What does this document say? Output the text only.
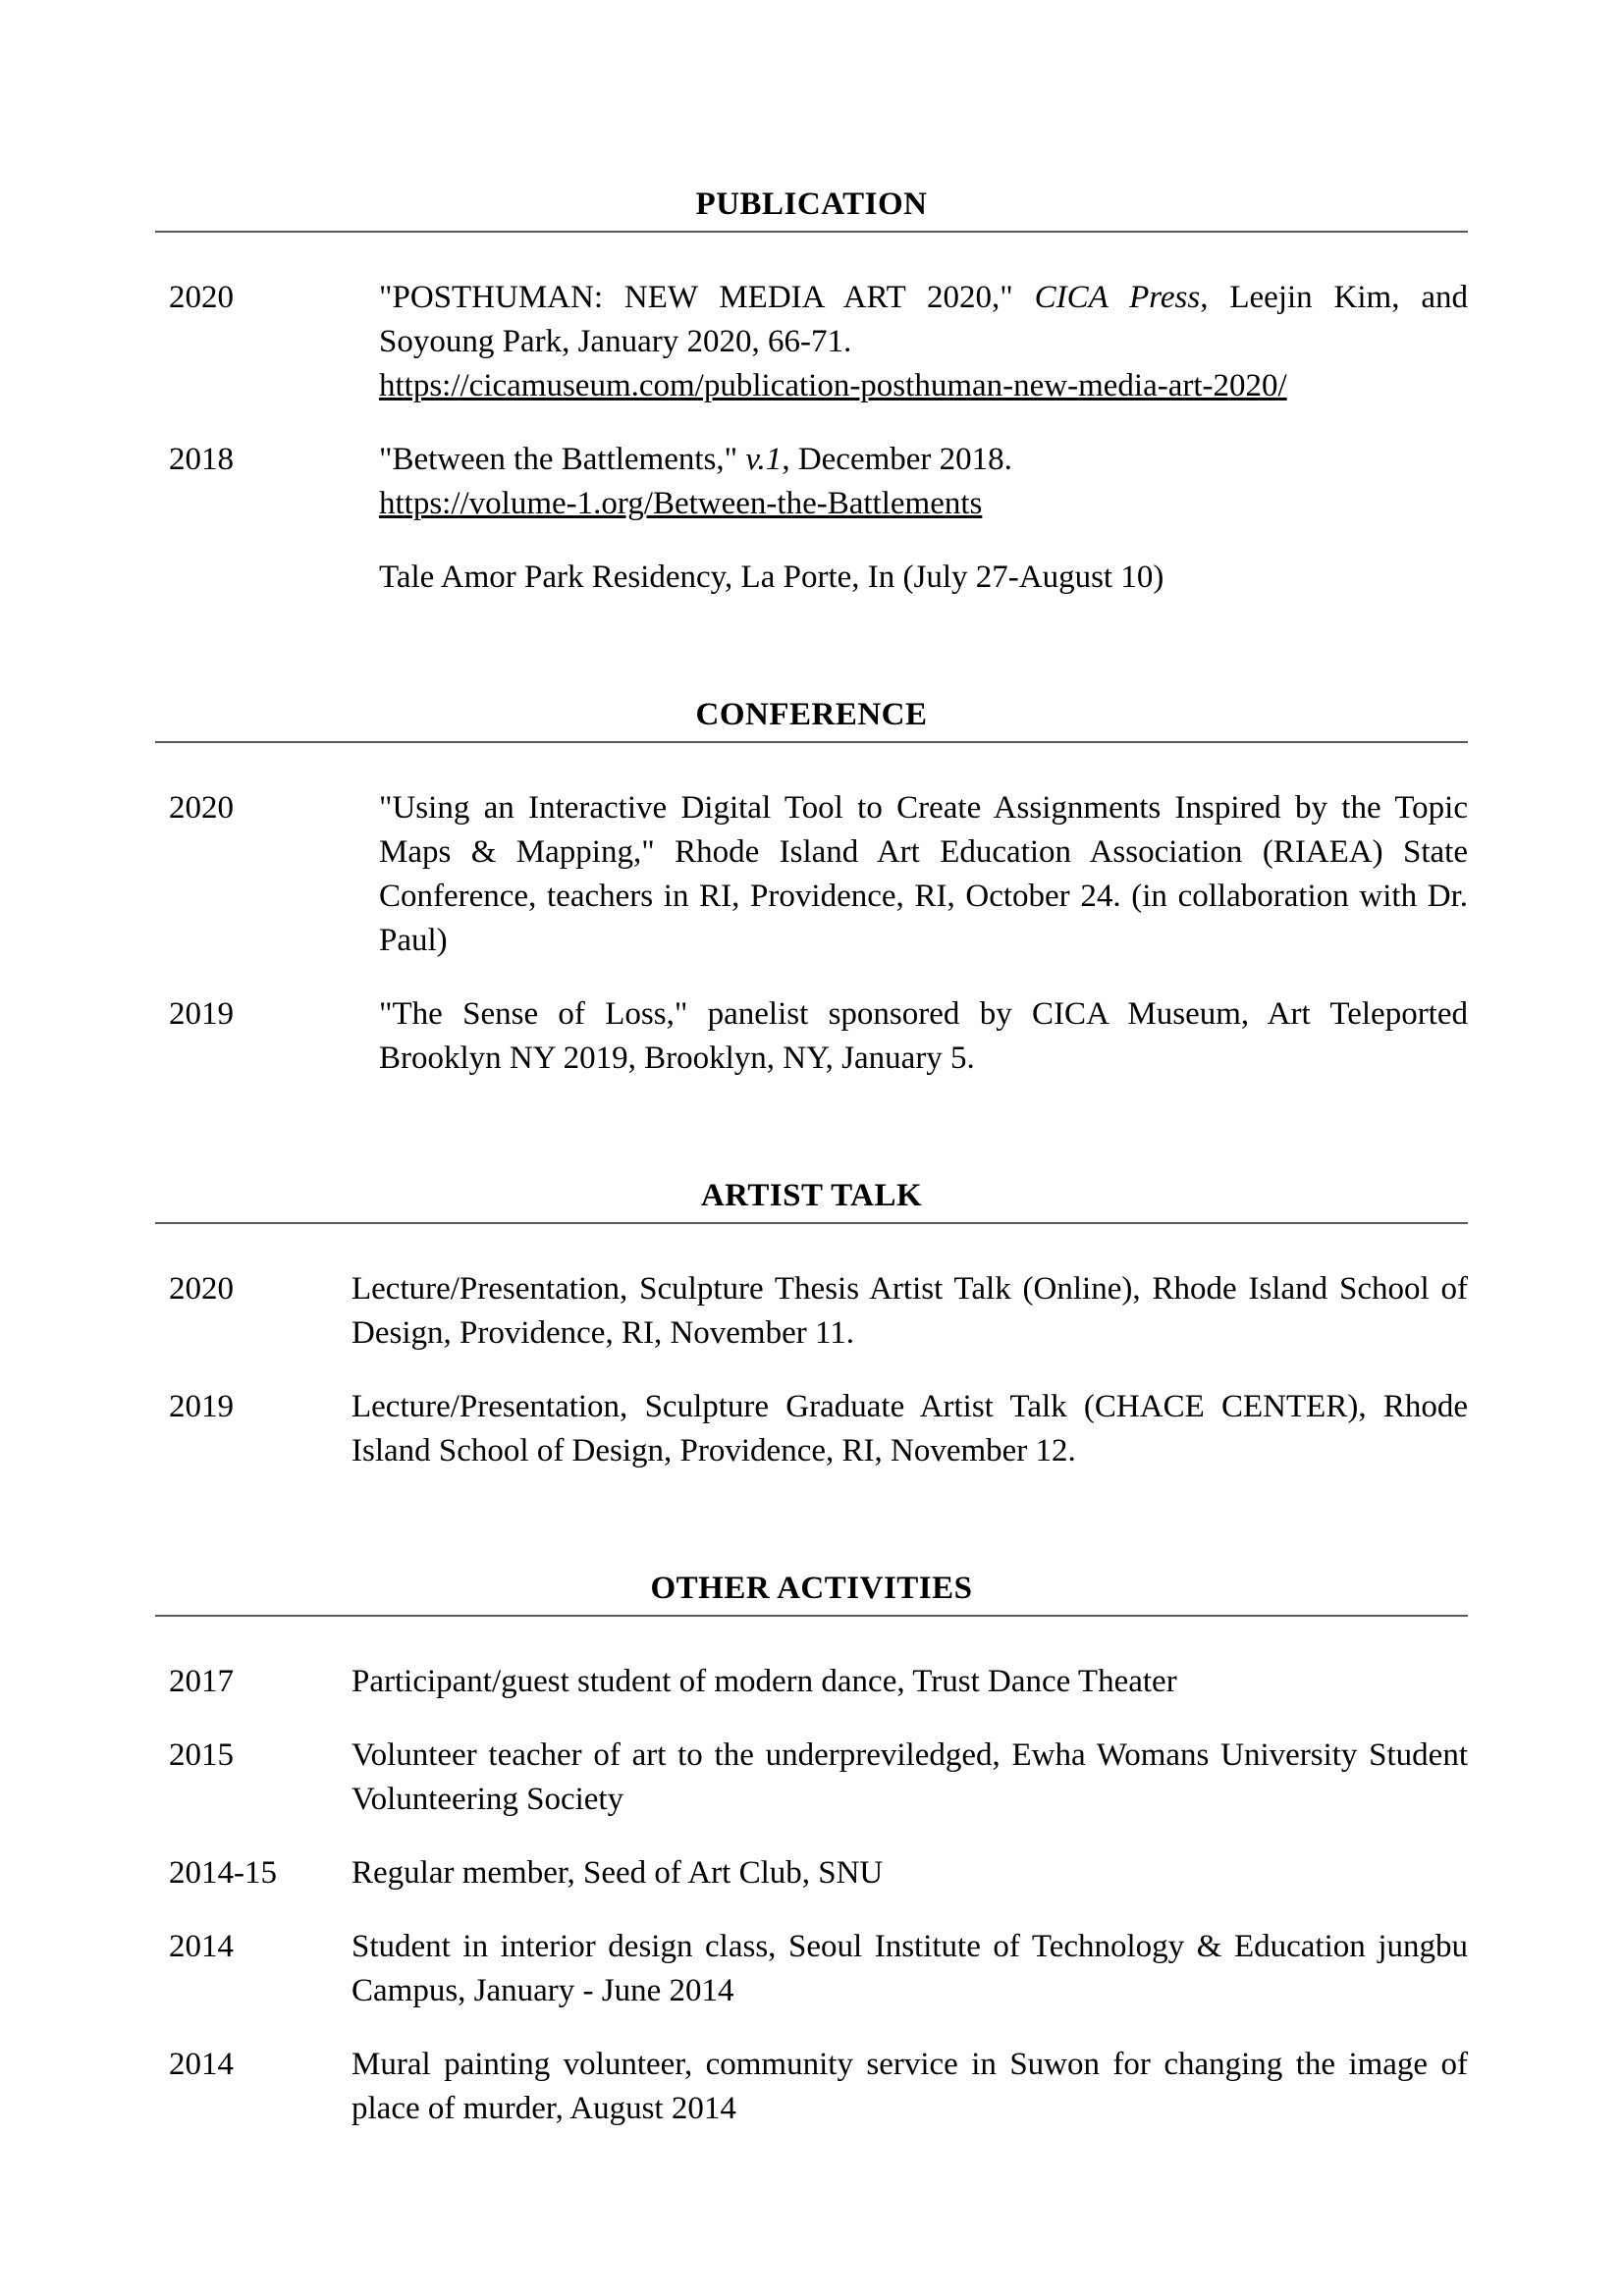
PUBLICATION
2020	"POSTHUMAN: NEW MEDIA ART 2020," CICA Press, Leejin Kim, and Soyoung Park, January 2020, 66-71.

https://cicamuseum.com/publication-posthuman-new-media-art-2020/
2018	"Between the Battlements," v.1, December 2018.

https://volume-1.org/Between-the-Battlements

Tale Amor Park Residency, La Porte, In (July 27-August 10)

CONFERENCE
2020	"Using an Interactive Digital Tool to Create Assignments Inspired by the Topic Maps & Mapping," Rhode Island Art Education Association (RIAEA) State Conference, teachers in RI, Providence, RI, October 24. (in collaboration with Dr. Paul)

2019	"The Sense of Loss," panelist sponsored by CICA Museum, Art Teleported Brooklyn NY 2019, Brooklyn, NY, January 5.

ARTIST TALK
2020	Lecture/Presentation, Sculpture Thesis Artist Talk (Online), Rhode Island School of Design, Providence, RI, November 11.

2019	Lecture/Presentation, Sculpture Graduate Artist Talk (CHACE CENTER), Rhode Island School of Design, Providence, RI, November 12.

OTHER ACTIVITIES
2017	Participant/guest student of modern dance, Trust Dance Theater

2015	Volunteer teacher of art to the underpreviledged, Ewha Womans University Student Volunteering Society

2014-15	Regular member, Seed of Art Club, SNU

2014	Student in interior design class, Seoul Institute of Technology & Education jungbu Campus, January - June 2014

2014	Mural painting volunteer, community service in Suwon for changing the image of place of murder, August 2014
